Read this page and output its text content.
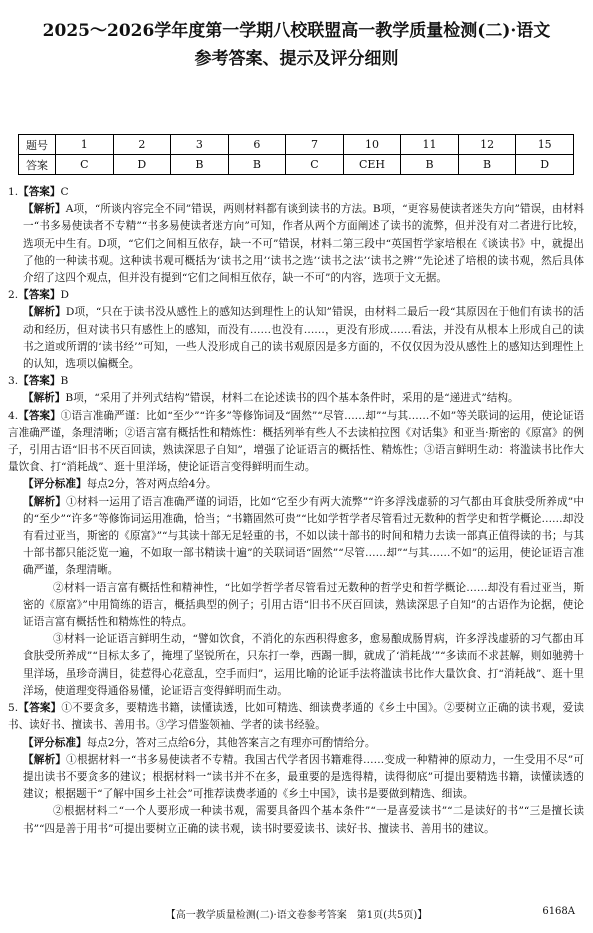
2025～2026学年度第一学期八校联盟高一教学质量检测(二)·语文
参考答案、提示及评分细则
题号	1	2	3	6	7	10	11	12	15
答案	C	D	B	B	C	CEH	B	B	D

1.【答案】C

【解析】A项，“所谈内容完全不同”错误，两则材料都有谈到读书的方法。B项，“更容易使读者迷失方向”错误，由材料一“书多易使读者不专精”“书多易使读者迷方向”可知，作者从两个方面阐述了读书的流弊，但并没有对二者进行比较，选项无中生有。D项，“它们之间相互依存，缺一不可”错误，材料二第三段中“英国哲学家培根在《谈读书》中，就提出了他的一种读书观。这种读书观可概括为‘读书之用’‘读书之选’‘读书之法’‘读书之辨’”先论述了培根的读书观，然后具体介绍了这四个观点，但并没有提到“它们之间相互依存，缺一不可”的内容，选项于文无据。

2.【答案】D

【解析】D项，“只在于读书没从感性上的感知达到理性上的认知”错误，由材料二最后一段“其原因在于他们有读书的活动和经历，但对读书只有感性上的感知，而没有……也没有……，更没有形成……看法，并没有从根本上形成自己的读书之道或所谓的‘读书经’”可知，一些人没形成自己的读书观原因是多方面的，不仅仅因为没从感性上的感知达到理性上的认知，选项以偏概全。

3.【答案】B

【解析】B项，“采用了并列式结构”错误，材料二在论述读书的四个基本条件时，采用的是“递进式”结构。

4.【答案】①语言准确严谨：比如“至少”“许多”等修饰词及“固然”“尽管……却”“与其……不如”等关联词的运用，使论证语言准确严谨，条理清晰；②语言富有概括性和精炼性：概括列举有些人不去读柏拉图《对话集》和亚当·斯密的《原富》的例子，引用古语“旧书不厌百回读，熟读深思子自知”，增强了论证语言的概括性、精炼性；③语言鲜明生动：将滥读书比作大量饮食、打“消耗战”、逛十里洋场，使论证语言变得鲜明而生动。

【评分标准】每点2分，答对两点给4分。

【解析】①材料一运用了语言准确严谨的词语，比如“它至少有两大流弊”“许多浮浅虚骄的习气都由耳食肤受所养成”中的“至少”“许多”等修饰词运用准确，恰当；“书籍固然可贵”“比如学哲学者尽管看过无数种的哲学史和哲学概论……却没有看过亚当，斯密的《原富》”“与其读十部无足轻重的书，不如以读十部书的时间和精力去读一部真正值得读的书；与其十部书都只能泛览一遍，不如取一部书精读十遍”的关联词语“固然”“尽管……却”“与其……不如”的运用，使论证语言准确严谨，条理清晰。

②材料一语言富有概括性和精神性，“比如学哲学者尽管看过无数种的哲学史和哲学概论……却没有看过亚当，斯密的《原富》”中用简练的语言，概括典型的例子；引用古语“旧书不厌百回读，熟读深思子自知”的古语作为论据，使论证语言富有概括性和精炼性的特点。

③材料一论证语言鲜明生动，“譬如饮食，不消化的东西积得愈多，愈易酿成肠胃病，许多浮浅虚骄的习气都由耳食肤受所养成”“目标太多了，掩埋了坚锐所在，只东打一拳，西踢一脚，就成了‘消耗战’”“多读而不求甚解，则如驰骋十里洋场，虽珍奇满目，徒惹得心花意乱，空手而归”，运用比喻的论证手法将滥读书比作大量饮食、打“消耗战”、逛十里洋场，使道理变得通俗易懂，论证语言变得鲜明而生动。

5.【答案】①不要贪多，要精选书籍，读懂读透，比如可精选、细读费孝通的《乡土中国》。②要树立正确的读书观，爱读书、读好书、擅读书、善用书。③学习借鉴领袖、学者的读书经验。

【评分标准】每点2分，答对三点给6分，其他答案言之有理亦可酌情给分。

【解析】①根据材料一“书多易使读者不专精。我国古代学者因书籍难得……变成一种精神的原动力，一生受用不尽”可提出读书不要贪多的建议；根据材料一“读书并不在多，最重要的是选得精，读得彻底”可提出要精选书籍，读懂读透的建议；根据题干“了解中国乡土社会”可推荐读费孝通的《乡土中国》，读书是要做到精选、细读。

②根据材料二“一个人要形成一种读书观，需要具备四个基本条件”“一是喜爱读书”“二是读好的书”“三是擅长读书”“四是善于用书”可提出要树立正确的读书观，读书时要爱读书、读好书、擅读书、善用书的建议。

【高一教学质量检测(二)·语文卷参考答案　第1页(共5页)】	6168A
